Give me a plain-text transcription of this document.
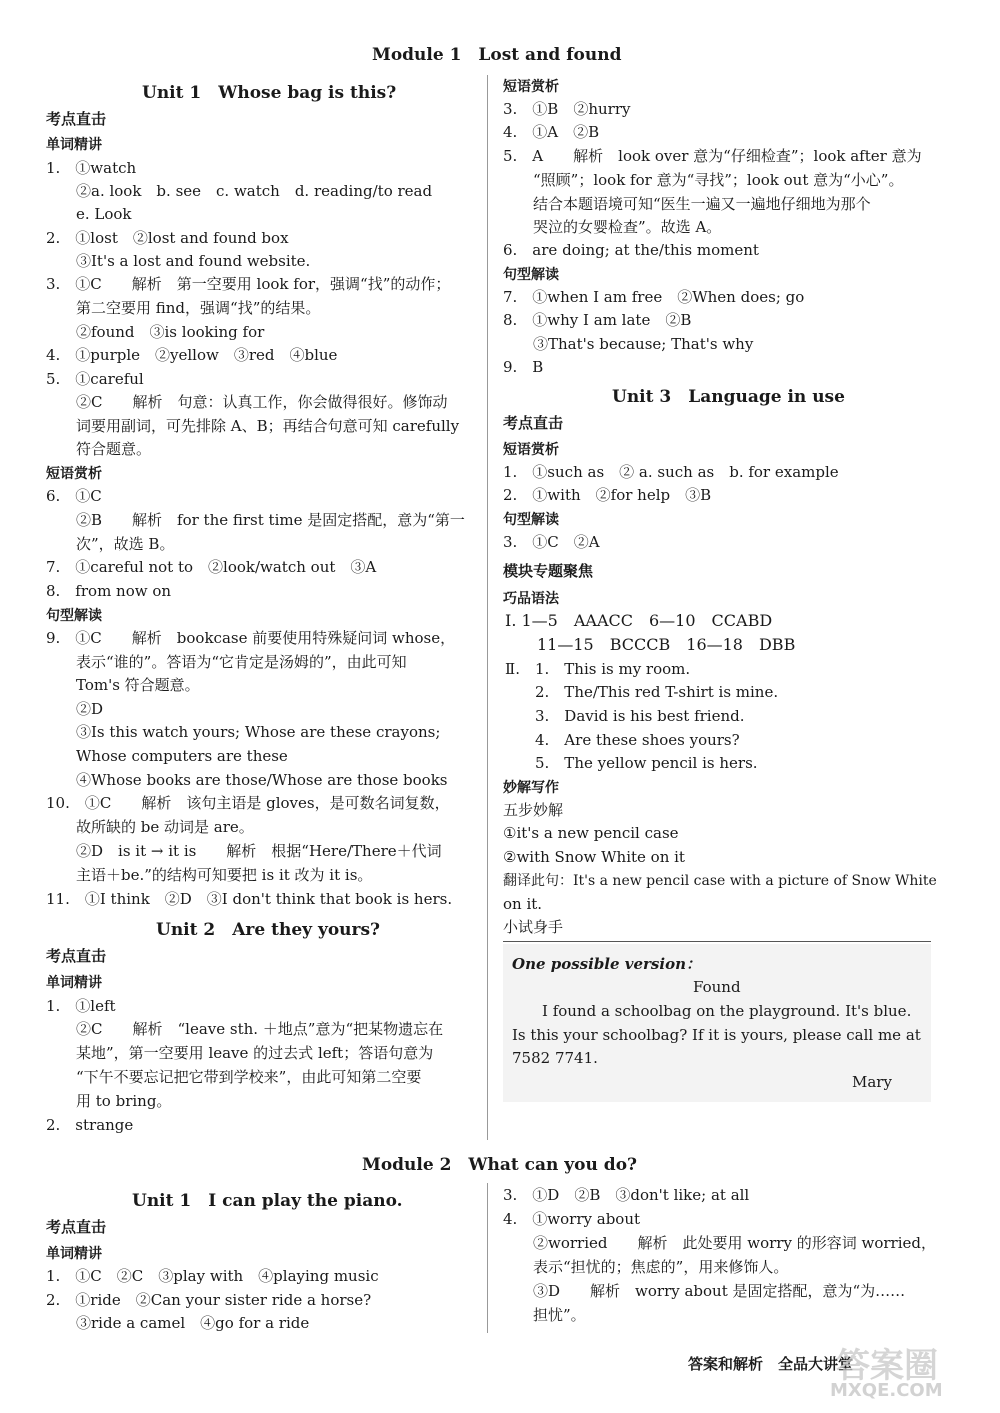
Module 1　Lost and found
Unit 1　Whose bag is this?
考点直击
单词精讲
1.　①watch
　　②a. look　b. see　c. watch　d. reading/to read
　　e. Look
2.　①lost　②lost and found box
　　③It's a lost and found website.
3.　①C　　解析　第一空要用 look for，强调“找”的动作；
　　第二空要用 find，强调“找”的结果。
　　②found　③is looking for
4.　①purple　②yellow　③red　④blue
5.　①careful
　　②C　　解析　句意：认真工作，你会做得很好。修饰动
　　词要用副词，可先排除 A、B；再结合句意可知 carefully
　　符合题意。
短语赏析
6.　①C
　　②B　　解析　for the first time 是固定搭配，意为“第一
　　次”，故选 B。
7.　①careful not to　②look/watch out　③A
8.　from now on
句型解读
9.　①C　　解析　bookcase 前要使用特殊疑问词 whose，
　　表示“谁的”。答语为“它肯定是汤姆的”，由此可知
　　Tom's 符合题意。
　　②D
　　③Is this watch yours; Whose are these crayons;
　　Whose computers are these
　　④Whose books are those/Whose are those books
10.　①C　　解析　该句主语是 gloves，是可数名词复数，
　　故所缺的 be 动词是 are。
　　②D　is it → it is　　解析　根据“Here/There＋代词
　　主语＋be.”的结构可知要把 is it 改为 it is。
11.　①I think　②D　③I don't think that book is hers.
Unit 2　Are they yours?
考点直击
单词精讲
1.　①left
　　②C　　解析　“leave sth. ＋地点”意为“把某物遗忘在
　　某地”，第一空要用 leave 的过去式 left；答语句意为
　　“下午不要忘记把它带到学校来”，由此可知第二空要
　　用 to bring。
2.　strange
短语赏析
3.　①B　②hurry
4.　①A　②B
5.　A　　解析　look over 意为“仔细检查”；look after 意为
　　“照顾”；look for 意为“寻找”；look out 意为“小心”。
　　结合本题语境可知“医生一遍又一遍地仔细地为那个
　　哭泣的女婴检查”。故选 A。
6.　are doing; at the/this moment
句型解读
7.　①when I am free　②When does; go
8.　①why I am late　②B
　　③That's because; That's why
9.　B
Unit 3　Language in use
考点直击
短语赏析
1.　①such as　② a. such as　b. for example
2.　①with　②for help　③B
句型解读
3.　①C　②A
模块专题聚焦
巧品语法
Ⅰ. 1—5　AAACC　6—10　CCABD
　　11—15　BCCCB　16—18　DBB
Ⅱ.　1.　This is my room.
　　2.　The/This red T-shirt is mine.
　　3.　David is his best friend.
　　4.　Are these shoes yours?
　　5.　The yellow pencil is hers.
妙解写作
五步妙解
①it's a new pencil case
②with Snow White on it
翻译此句：It's a new pencil case with a picture of Snow White
on it.
小试身手
One possible version：
Found
　　I found a schoolbag on the playground. It's blue.
Is this your schoolbag? If it is yours, please call me at
7582 7741.
Mary
Module 2　What can you do?
Unit 1　I can play the piano.
考点直击
单词精讲
1.　①C　②C　③play with　④playing music
2.　①ride　②Can your sister ride a horse?
　　③ride a camel　④go for a ride
3.　①D　②B　③don't like; at all
4.　①worry about
　　②worried　　解析　此处要用 worry 的形容词 worried，
　　表示“担忧的；焦虑的”，用来修饰人。
　　③D　　解析　worry about 是固定搭配，意为“为……
　　担忧”。
答案和解析　全品大讲堂
答案圈
MXQE.COM
